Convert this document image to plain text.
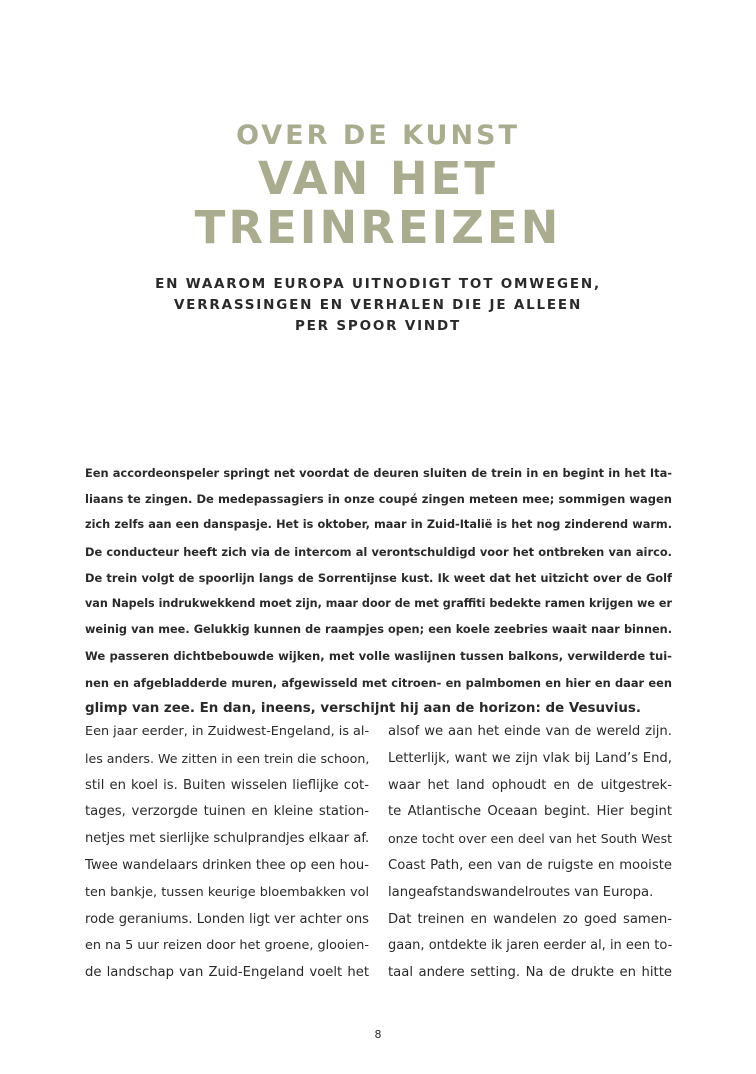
OVER DE KUNST
VAN HET
TREINREIZEN
EN WAAROM EUROPA UITNODIGT TOT OMWEGEN,
VERRASSINGEN EN VERHALEN DIE JE ALLEEN
PER SPOOR VINDT
Een accordeonspeler springt net voordat de deuren sluiten de trein in en begint in het Ita-
liaans te zingen. De medepassagiers in onze coupé zingen meteen mee; sommigen wagen
zich zelfs aan een danspasje. Het is oktober, maar in Zuid-Italië is het nog zinderend warm.
De conducteur heeft zich via de intercom al verontschuldigd voor het ontbreken van airco.
De trein volgt de spoorlijn langs de Sorrentijnse kust. Ik weet dat het uitzicht over de Golf
van Napels indrukwekkend moet zijn, maar door de met graffiti bedekte ramen krijgen we er
weinig van mee. Gelukkig kunnen de raampjes open; een koele zeebries waait naar binnen.
We passeren dichtbebouwde wijken, met volle waslijnen tussen balkons, verwilderde tui-
nen en afgebladderde muren, afgewisseld met citroen- en palmbomen en hier en daar een
glimp van zee. En dan, ineens, verschijnt hij aan de horizon: de Vesuvius.
Een jaar eerder, in Zuidwest-Engeland, is al-
les anders. We zitten in een trein die schoon,
stil en koel is. Buiten wisselen lieflijke cot-
tages, verzorgde tuinen en kleine station-
netjes met sierlijke schulprandjes elkaar af.
Twee wandelaars drinken thee op een hou-
ten bankje, tussen keurige bloembakken vol
rode geraniums. Londen ligt ver achter ons
en na 5 uur reizen door het groene, glooien-
de landschap van Zuid-Engeland voelt het
alsof we aan het einde van de wereld zijn.
Letterlijk, want we zijn vlak bij Land’s End,
waar het land ophoudt en de uitgestrek-
te Atlantische Oceaan begint. Hier begint
onze tocht over een deel van het South West
Coast Path, een van de ruigste en mooiste
langeafstandswandelroutes van Europa.
Dat treinen en wandelen zo goed samen-
gaan, ontdekte ik jaren eerder al, in een to-
taal andere setting. Na de drukte en hitte
8
